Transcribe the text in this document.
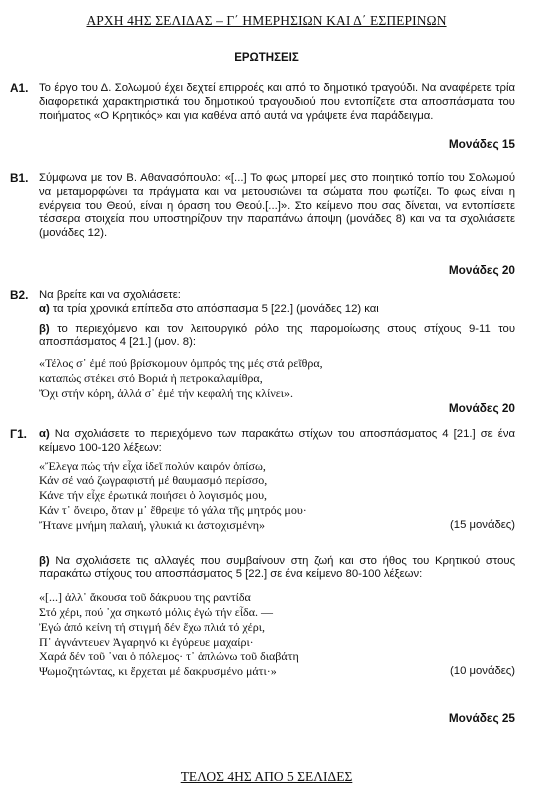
ΑΡΧΗ 4ΗΣ ΣΕΛΙΔΑΣ – Γ΄ ΗΜΕΡΗΣΙΩΝ ΚΑΙ Δ΄ ΕΣΠΕΡΙΝΩΝ
ΕΡΩΤΗΣΕΙΣ
Α1. Το έργο του Δ. Σολωμού έχει δεχτεί επιρροές και από το δημοτικό τραγούδι. Να αναφέρετε τρία διαφορετικά χαρακτηριστικά του δημοτικού τραγουδιού που εντοπίζετε στα αποσπάσματα του ποιήματος «Ο Κρητικός» και για καθένα από αυτά να γράψετε ένα παράδειγμα.

Μονάδες 15
Β1. Σύμφωνα με τον Β. Αθανασόπουλο: «[...] Το φως μπορεί μες στο ποιητικό τοπίο του Σολωμού να μεταμορφώνει τα πράγματα και να μετουσιώνει τα σώματα που φωτίζει. Το φως είναι η ενέργεια του Θεού, είναι η όραση του Θεού.[...]». Στο κείμενο που σας δίνεται, να εντοπίσετε τέσσερα στοιχεία που υποστηρίζουν την παραπάνω άποψη (μονάδες 8) και να τα σχολιάσετε (μονάδες 12).

Μονάδες 20
Β2. Να βρείτε και να σχολιάσετε:

α) τα τρία χρονικά επίπεδα στο απόσπασμα 5 [22.] (μονάδες 12) και

β) το περιεχόμενο και τον λειτουργικό ρόλο της παρομοίωσης στους στίχους 9-11 του αποσπάσματος 4 [21.] (μον. 8):

«Τέλος σ᾽ ἐμέ πού βρίσκομουν ὀμπρός της μές στά ρεῖθρα,
καταπώς στέκει στό Βοριά ἡ πετροκαλαμίθρα,
Ὄχι στήν κόρη, ἀλλά σ᾽ ἐμέ τήν κεφαλή της κλίνει».
Μονάδες 20
Γ1. α) Να σχολιάσετε το περιεχόμενο των παρακάτω στίχων του αποσπάσματος 4 [21.] σε ένα κείμενο 100-120 λέξεων:

«Ἔλεγα πώς τήν εἶχα ἰδεῖ πολύν καιρόν ὀπίσω,
Κάν σέ ναό ζωγραφιστή μέ θαυμασμό περίσσο,
Κάνε τήν εἶχε ἐρωτικά ποιήσει ὁ λογισμός μου,
Κάν τ᾽ ὄνειρο, ὅταν μ᾽ ἔθρεψε τό γάλα τῆς μητρός μου·
Ἤτανε μνήμη παλαιή, γλυκιά κι ἀστοχισμένη»	(15 μονάδες)

β) Να σχολιάσετε τις αλλαγές που συμβαίνουν στη ζωή και στο ήθος του Κρητικού στους παρακάτω στίχους του αποσπάσματος 5 [22.] σε ένα κείμενο 80-100 λέξεων:

«[...] ἀλλ᾽ ἄκουσα τοῦ δάκρυου της ραντίδα
Στό χέρι, πού ᾽χα σηκωτό μόλις ἐγώ τήν εἶδα. —
Ἐγώ ἀπό κείνη τή στιγμή δέν ἔχω πλιά τό χέρι,
Π᾽ ἀγνάντευεν Ἀγαρηνό κι ἐγύρευε μαχαίρι·
Χαρά δέν τοῦ ᾽ναι ὁ πόλεμος· τ᾽ ἁπλώνω τοῦ διαβάτη
Ψωμοζητώντας, κι ἔρχεται μέ δακρυσμένο μάτι·»	(10 μονάδες)
Μονάδες 25
ΤΕΛΟΣ 4ΗΣ ΑΠΟ 5 ΣΕΛΙΔΕΣ
